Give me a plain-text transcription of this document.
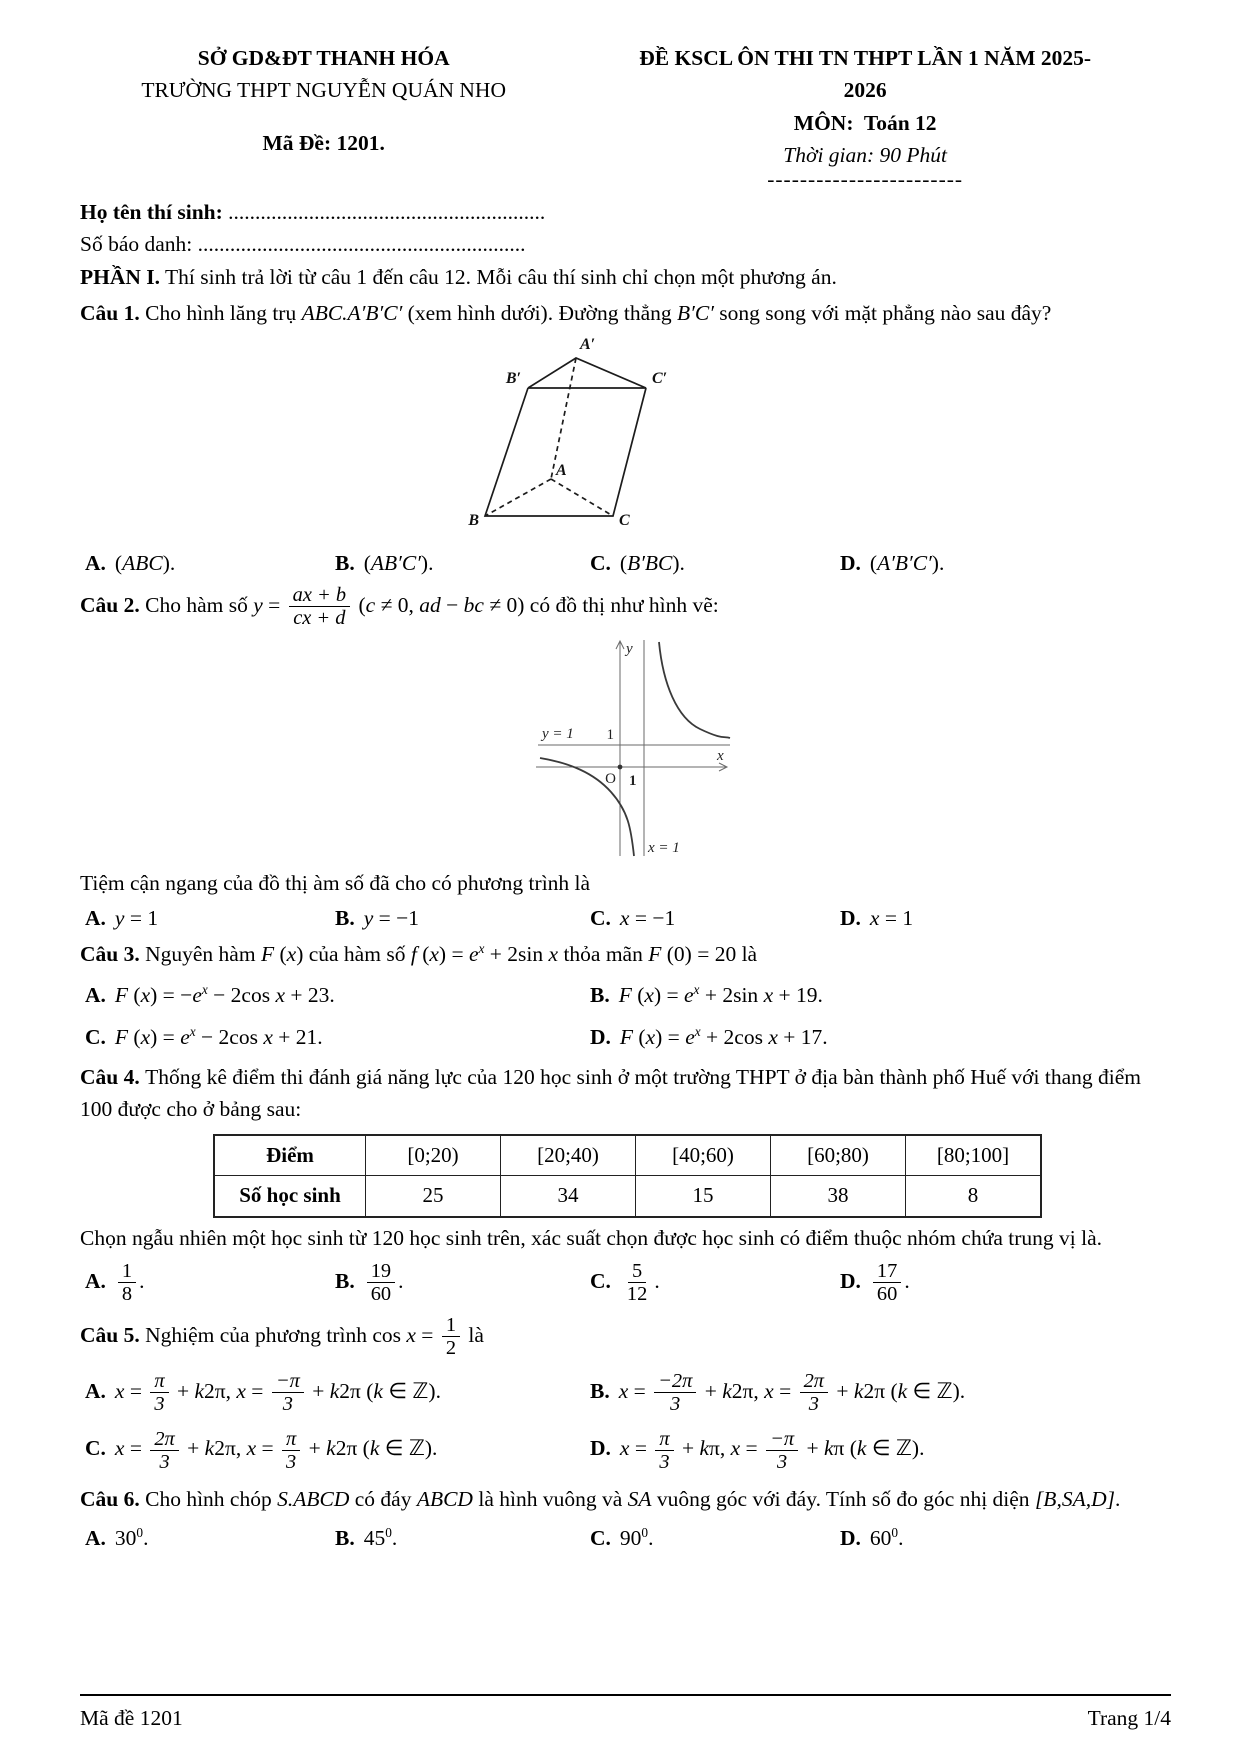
SỞ GD&ĐT THANH HÓA
TRƯỜNG THPT NGUYỄN QUÁN NHO
Mã Đề: 1201.
ĐỀ KSCL ÔN THI TN THPT LẦN 1 NĂM 2025-
2026
MÔN:  Toán 12
Thời gian: 90 Phút
------------------------
Họ tên thí sinh: ...........................................................
Số báo danh: .............................................................

PHẦN I. Thí sinh trả lời từ câu 1 đến câu 12. Mỗi câu thí sinh chỉ chọn một phương án.

Câu 1. Cho hình lăng trụ ABC.A′B′C′ (xem hình dưới). Đường thẳng B′C′ song song với mặt phẳng nào sau đây?

A′
B′	C′
A
B	C
A. (ABC).	B. (AB′C′).	C. (B′BC).	D. (A′B′C′).

Câu 2. Cho hàm số $y = \frac{ax + b}{cx + d} (c \ne 0$, ad − bc ≠ 0) có đồ thị như hình vẽ:

y
x
y = 1 1
O 1
x = 1

Tiệm cận ngang của đồ thị àm số đã cho có phương trình là

A. y = 1	B. y = −1	C. x = −1	D. x = 1

Câu 3. Nguyên hàm F (x) của hàm số f $(x) = e^x + 2\sin$ x thỏa mãn F (0) = 20 là

A. F $(x) = -e^x - 2\cos$ x + 23.	B. F $(x) = e^x + 2\sin$ x + 19.
C. F $(x) = e^x - 2\cos$ x + 21.	D. F $(x) = e^x + 2\cos$ x + 17.

Câu 4. Thống kê điểm thi đánh giá năng lực của 120 học sinh ở một trường THPT ở địa bàn thành phố Huế với thang điểm 100 được cho ở bảng sau:

Điểm	[0;20)	[20;40)	[40;60)	[60;80)	[80;100]
Số học sinh	25	34	15	38	8

Chọn ngẫu nhiên một học sinh từ 120 học sinh trên, xác suất chọn được học sinh có điểm thuộc nhóm chứa trung vị là.

A. $\frac{1}{8}$ .	B. $\frac{19}{60}$ .	C. $\frac{5}{12}$ .	D. $\frac{17}{60}$ .

Câu 5. Nghiệm của phương trình $\cos x = \frac{1}{2}$ là

A. $x = \frac{\pi}{3} + k2\pi$, $x = \frac{-\pi}{3} + k2\pi$ (k ∈ ℤ).	B. $x = \frac{-2\pi}{3} + k2\pi$, $x = \frac{2\pi}{3} + k2\pi$ (k ∈ ℤ).
C. $x = \frac{2\pi}{3} + k2\pi$, $x = \frac{\pi}{3} + k2\pi$ (k ∈ ℤ).	D. $x = \frac{\pi}{3} + k\pi$, $x = \frac{-\pi}{3} + k\pi$ (k ∈ ℤ).

Câu 6. Cho hình chóp S.ABCD có đáy ABCD là hình vuông và SA vuông góc với đáy. Tính số đo góc nhị diện [B,SA,D].

A. $30^0$.	B. $45^0$.	C. $90^0$.	D. $60^0$.
Mã đề 1201	Trang 1/4
